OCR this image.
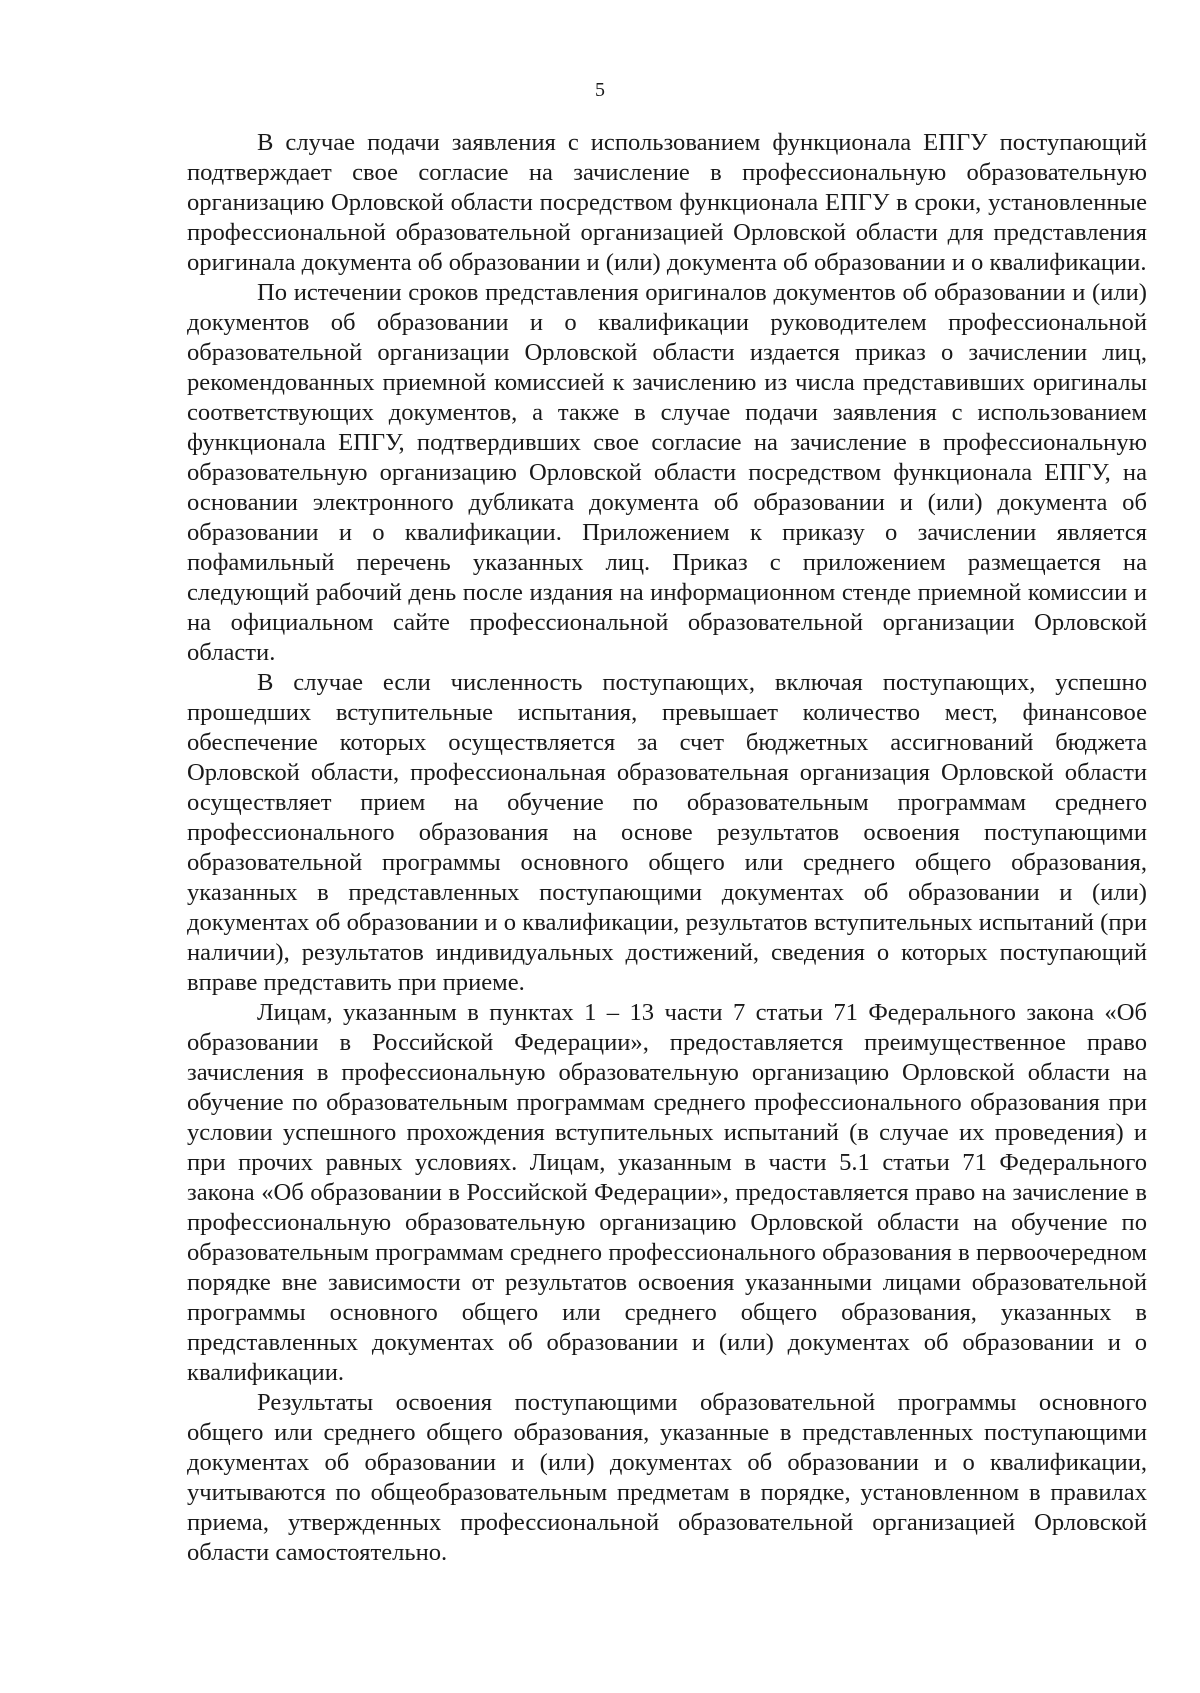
5

В случае подачи заявления с использованием функционала ЕПГУ поступающий подтверждает свое согласие на зачисление в профессиональную образовательную организацию Орловской области посредством функционала ЕПГУ в сроки, установленные профессиональной образовательной организацией Орловской области для представления оригинала документа об образовании и (или) документа об образовании и о квалификации.

По истечении сроков представления оригиналов документов об образовании и (или) документов об образовании и о квалификации руководителем профессиональной образовательной организации Орловской области издается приказ о зачислении лиц, рекомендованных приемной комиссией к зачислению из числа представивших оригиналы соответствующих документов, а также в случае подачи заявления с использованием функционала ЕПГУ, подтвердивших свое согласие на зачисление в профессиональную образовательную организацию Орловской области посредством функционала ЕПГУ, на основании электронного дубликата документа об образовании и (или) документа об образовании и о квалификации. Приложением к приказу о зачислении является пофамильный перечень указанных лиц. Приказ с приложением размещается на следующий рабочий день после издания на информационном стенде приемной комиссии и на официальном сайте профессиональной образовательной организации Орловской области.

В случае если численность поступающих, включая поступающих, успешно прошедших вступительные испытания, превышает количество мест, финансовое обеспечение которых осуществляется за счет бюджетных ассигнований бюджета Орловской области, профессиональная образовательная организация Орловской области осуществляет прием на обучение по образовательным программам среднего профессионального образования на основе результатов освоения поступающими образовательной программы основного общего или среднего общего образования, указанных в представленных поступающими документах об образовании и (или) документах об образовании и о квалификации, результатов вступительных испытаний (при наличии), результатов индивидуальных достижений, сведения о которых поступающий вправе представить при приеме.

Лицам, указанным в пунктах 1 – 13 части 7 статьи 71 Федерального закона «Об образовании в Российской Федерации», предоставляется преимущественное право зачисления в профессиональную образовательную организацию Орловской области на обучение по образовательным программам среднего профессионального образования при условии успешного прохождения вступительных испытаний (в случае их проведения) и при прочих равных условиях. Лицам, указанным в части 5.1 статьи 71 Федерального закона «Об образовании в Российской Федерации», предоставляется право на зачисление в профессиональную образовательную организацию Орловской области на обучение по образовательным программам среднего профессионального образования в первоочередном порядке вне зависимости от результатов освоения указанными лицами образовательной программы основного общего или среднего общего образования, указанных в представленных документах об образовании и (или) документах об образовании и о квалификации.

Результаты освоения поступающими образовательной программы основного общего или среднего общего образования, указанные в представленных поступающими документах об образовании и (или) документах об образовании и о квалификации, учитываются по общеобразовательным предметам в порядке, установленном в правилах приема, утвержденных профессиональной образовательной организацией Орловской области самостоятельно.
